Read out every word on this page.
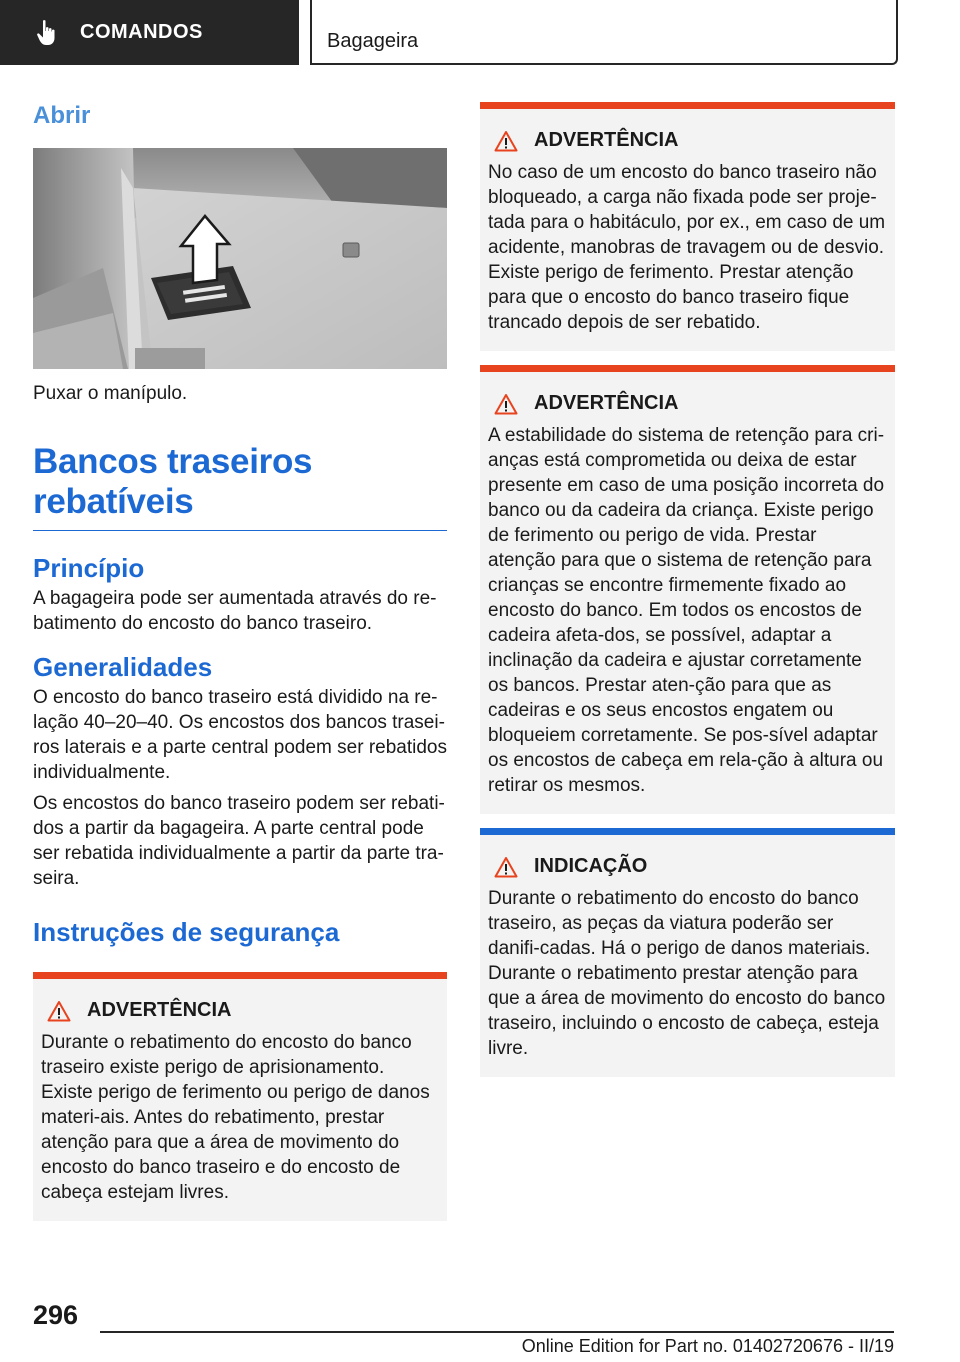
COMANDOS	Bagageira
Abrir

Puxar o manípulo.

Bancos traseiros rebatíveis
Princípio

A bagageira pode ser aumentada através do re-batimento do encosto do banco traseiro.

Generalidades

O encosto do banco traseiro está dividido na re-lação 40–20–40. Os encostos dos bancos trasei-ros laterais e a parte central podem ser rebatidos individualmente.

Os encostos do banco traseiro podem ser rebati-dos a partir da bagageira. A parte central pode ser rebatida individualmente a partir da parte tra-seira.

Instruções de segurança
ADVERTÊNCIA

Durante o rebatimento do encosto do banco traseiro existe perigo de aprisionamento. Existe perigo de ferimento ou perigo de danos materi-ais. Antes do rebatimento, prestar atenção para que a área de movimento do encosto do banco traseiro e do encosto de cabeça estejam livres.

ADVERTÊNCIA

No caso de um encosto do banco traseiro não bloqueado, a carga não fixada pode ser proje-tada para o habitáculo, por ex., em caso de um acidente, manobras de travagem ou de desvio. Existe perigo de ferimento. Prestar atenção para que o encosto do banco traseiro fique trancado depois de ser rebatido.

ADVERTÊNCIA

A estabilidade do sistema de retenção para cri-anças está comprometida ou deixa de estar presente em caso de uma posição incorreta do banco ou da cadeira da criança. Existe perigo de ferimento ou perigo de vida. Prestar atenção para que o sistema de retenção para crianças se encontre firmemente fixado ao encosto do banco. Em todos os encostos de cadeira afeta-dos, se possível, adaptar a inclinação da cadeira e ajustar corretamente os bancos. Prestar aten-ção para que as cadeiras e os seus encostos engatem ou bloqueiem corretamente. Se pos-sível adaptar os encostos de cabeça em rela-ção à altura ou retirar os mesmos.

INDICAÇÃO

Durante o rebatimento do encosto do banco traseiro, as peças da viatura poderão ser danifi-cadas. Há o perigo de danos materiais. Durante o rebatimento prestar atenção para que a área de movimento do encosto do banco traseiro, incluindo o encosto de cabeça, esteja livre.

296
Online Edition for Part no. 01402720676 - II/19
